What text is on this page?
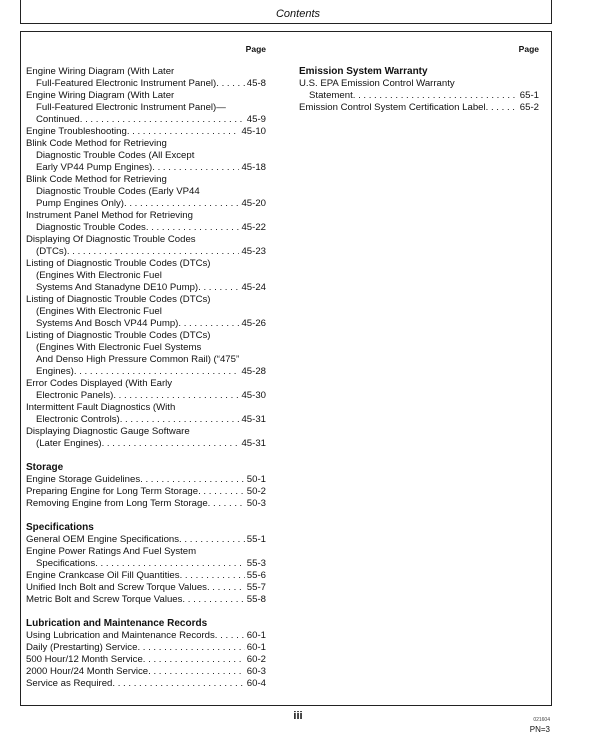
Contents
Page
Engine Wiring Diagram (With Later
Full-Featured Electronic Instrument Panel) . . .	45-8
Engine Wiring Diagram (With Later
Full-Featured Electronic Instrument Panel)—
Continued . . .	45-9
Engine Troubleshooting . . .	45-10
Blink Code Method for Retrieving
Diagnostic Trouble Codes (All Except
Early VP44 Pump Engines) . . .	45-18
Blink Code Method for Retrieving
Diagnostic Trouble Codes (Early VP44
Pump Engines Only) . . .	45-20
Instrument Panel Method for Retrieving
Diagnostic Trouble Codes . . .	45-22
Displaying Of Diagnostic Trouble Codes
(DTCs) . . .	45-23
Listing of Diagnostic Trouble Codes (DTCs)
(Engines With Electronic Fuel
Systems And Stanadyne DE10 Pump) . . .	45-24
Listing of Diagnostic Trouble Codes (DTCs)
(Engines With Electronic Fuel
Systems And Bosch VP44 Pump) . . .	45-26
Listing of Diagnostic Trouble Codes (DTCs)
(Engines With Electronic Fuel Systems
And Denso High Pressure Common Rail) (“475”
Engines) . . .	45-28
Error Codes Displayed (With Early
Electronic Panels) . . .	45-30
Intermittent Fault Diagnostics (With
Electronic Controls) . . .	45-31
Displaying Diagnostic Gauge Software
(Later Engines) . . .	45-31
Storage
Engine Storage Guidelines . . .	50-1
Preparing Engine for Long Term Storage . . .	50-2
Removing Engine from Long Term Storage . . .	50-3
Specifications
General OEM Engine Specifications . . .	55-1
Engine Power Ratings And Fuel System
Specifications . . .	55-3
Engine Crankcase Oil Fill Quantities . . .	55-6
Unified Inch Bolt and Screw Torque Values . . .	55-7
Metric Bolt and Screw Torque Values . . .	55-8
Lubrication and Maintenance Records
Using Lubrication and Maintenance Records . . .	60-1
Daily (Prestarting) Service . . .	60-1
500 Hour/12 Month Service . . .	60-2
2000 Hour/24 Month Service . . .	60-3
Service as Required . . .	60-4
Page
Emission System Warranty
U.S. EPA Emission Control Warranty
Statement . . .	65-1
Emission Control System Certification Label . . .	65-2
iii	021604
PN=3
